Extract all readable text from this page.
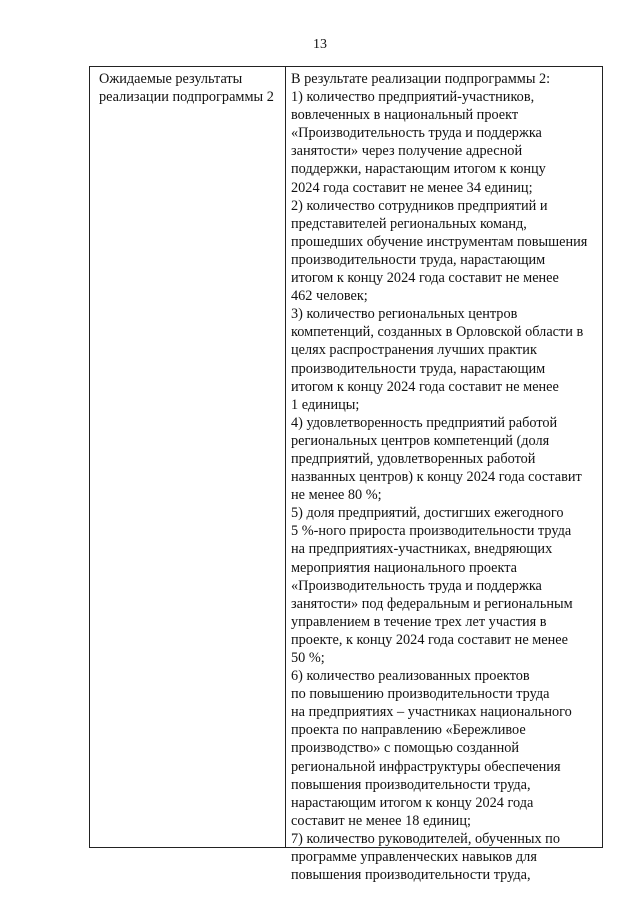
13
Ожидаемые результаты
реализации подпрограммы 2
В результате реализации подпрограммы 2:
1) количество предприятий-участников,
вовлеченных в национальный проект
«Производительность труда и поддержка
занятости» через получение адресной
поддержки, нарастающим итогом к концу
2024 года составит не менее 34 единиц;
2) количество сотрудников предприятий и
представителей региональных команд,
прошедших обучение инструментам повышения
производительности труда, нарастающим
итогом к концу 2024 года составит не менее
462 человек;
3) количество региональных центров
компетенций, созданных в Орловской области в
целях распространения лучших практик
производительности труда, нарастающим
итогом к концу 2024 года составит не менее
1 единицы;
4) удовлетворенность предприятий работой
региональных центров компетенций (доля
предприятий, удовлетворенных работой
названных центров) к концу 2024 года составит
не менее 80 %;
5) доля предприятий, достигших ежегодного
5 %-ного прироста производительности труда
на предприятиях-участниках, внедряющих
мероприятия национального проекта
«Производительность труда и поддержка
занятости» под федеральным и региональным
управлением в течение трех лет участия в
проекте, к концу 2024 года составит не менее
50 %;
6) количество реализованных проектов
по повышению производительности труда
на предприятиях – участниках национального
проекта по направлению «Бережливое
производство» с помощью созданной
региональной инфраструктуры обеспечения
повышения производительности труда,
нарастающим итогом к концу 2024 года
составит не менее 18 единиц;
7) количество руководителей, обученных по
программе управленческих навыков для
повышения производительности труда,
